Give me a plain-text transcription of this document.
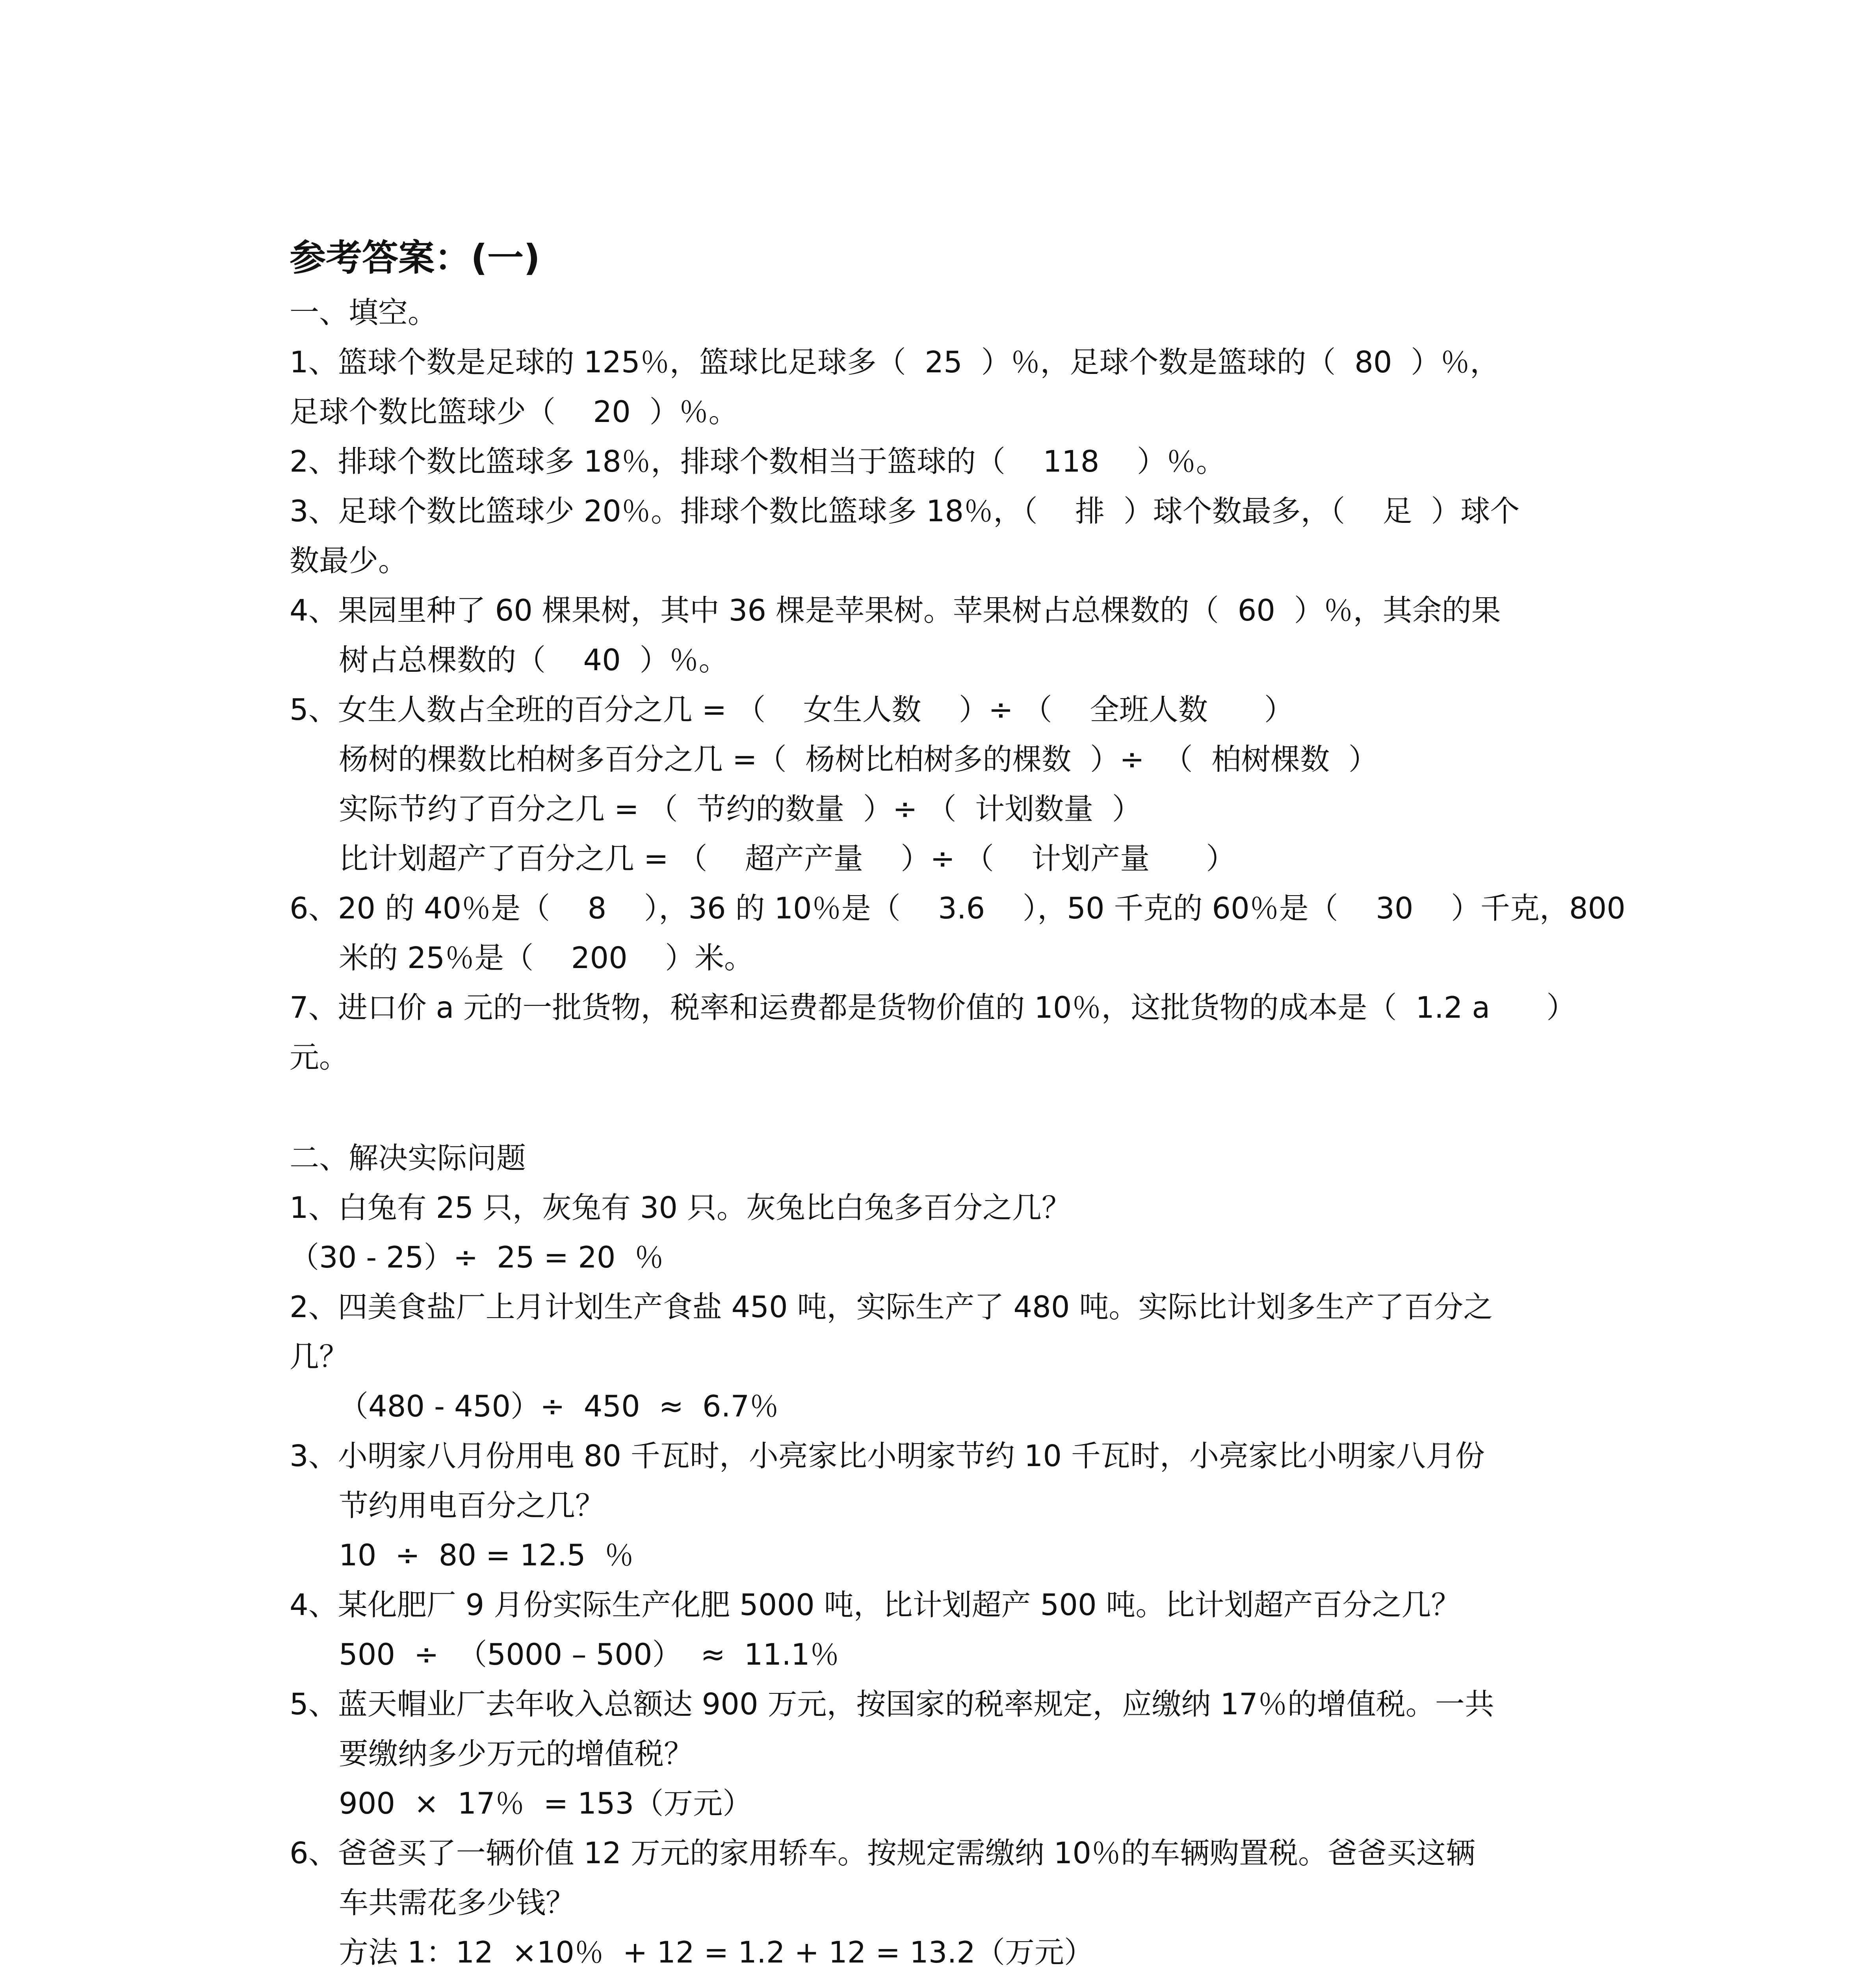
参考答案：(一)
一、填空。
1、篮球个数是足球的 125％，篮球比足球多（  25  ）％，足球个数是篮球的（  80  ）％，
足球个数比篮球少（    20  ）％。
2、排球个数比篮球多 18％，排球个数相当于篮球的（    118    ）％。
3、足球个数比篮球少 20％。排球个数比篮球多 18％，（    排  ）球个数最多，（    足  ）球个
数最少。
4、果园里种了 60 棵果树，其中 36 棵是苹果树。苹果树占总棵数的（  60  ）％，其余的果
树占总棵数的（    40  ）％。
5、女生人数占全班的百分之几 = （    女生人数    ）÷ （    全班人数      ）
杨树的棵数比柏树多百分之几 =（  杨树比柏树多的棵数  ）÷  （  柏树棵数  ）
实际节约了百分之几 = （  节约的数量  ）÷ （  计划数量  ）
比计划超产了百分之几 = （    超产产量    ）÷ （    计划产量      ）
6、20 的 40％是（    8    ），36 的 10％是（    3.6    ），50 千克的 60％是（    30    ）千克，800
米的 25％是（    200    ）米。
7、进口价 a 元的一批货物，税率和运费都是货物价值的 10％，这批货物的成本是（  1.2 a      ）
元。
二、解决实际问题
1、白兔有 25 只，灰兔有 30 只。灰兔比白兔多百分之几？
（30 - 25）÷  25 = 20  ％
2、四美食盐厂上月计划生产食盐 450 吨，实际生产了 480 吨。实际比计划多生产了百分之
几？
（480 - 450）÷  450  ≈  6.7％
3、小明家八月份用电 80 千瓦时，小亮家比小明家节约 10 千瓦时，小亮家比小明家八月份
节约用电百分之几？
10  ÷  80 = 12.5  ％
4、某化肥厂 9 月份实际生产化肥 5000 吨，比计划超产 500 吨。比计划超产百分之几？
500  ÷  （5000 – 500）  ≈  11.1％
5、蓝天帽业厂去年收入总额达 900 万元，按国家的税率规定，应缴纳 17％的增值税。一共
要缴纳多少万元的增值税？
900  ×  17％  = 153（万元）
6、爸爸买了一辆价值 12 万元的家用轿车。按规定需缴纳 10％的车辆购置税。爸爸买这辆
车共需花多少钱？
方法 1：12  ×10％  + 12 = 1.2 + 12 = 13.2（万元）
